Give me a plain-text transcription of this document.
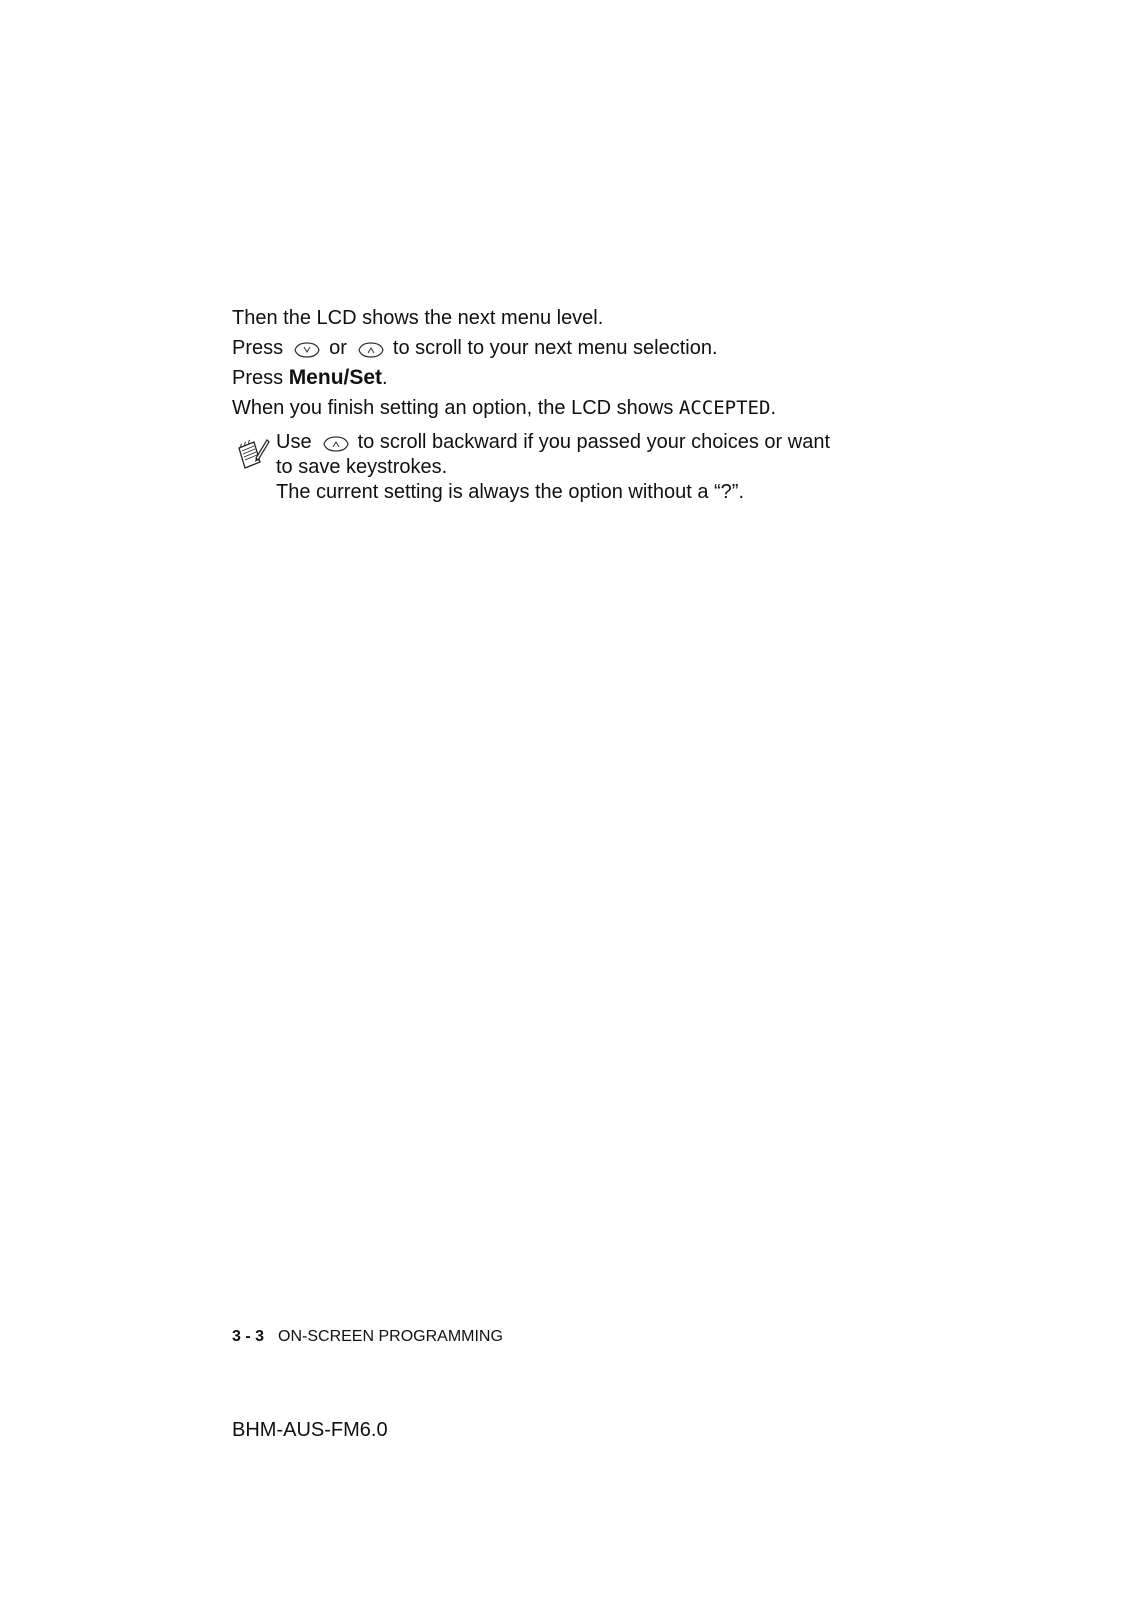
Then the LCD shows the next menu level.
Press or to scroll to your next menu selection.
Press Menu/Set.
When you finish setting an option, the LCD shows ACCEPTED.
Use to scroll backward if you passed your choices or want
to save keystrokes.
The current setting is always the option without a “?”.
3 - 3 ON-SCREEN PROGRAMMING
BHM-AUS-FM6.0
